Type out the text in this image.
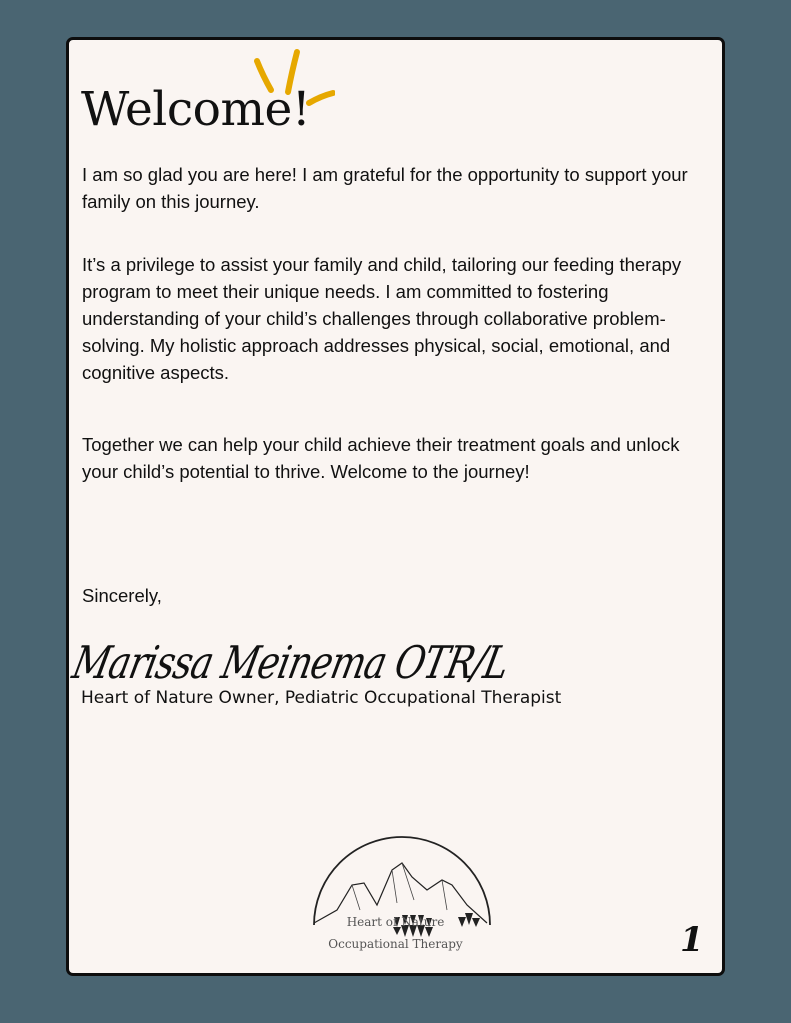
Welcome!

I am so glad you are here! I am grateful for the opportunity to support your family on this journey.

It’s a privilege to assist your family and child, tailoring our feeding therapy program to meet their unique needs. I am committed to fostering understanding of your child’s challenges through collaborative problem-solving. My holistic approach addresses physical, social, emotional, and cognitive aspects.

Together we can help your child achieve their treatment goals and unlock your child’s potential to thrive. Welcome to the journey!

Sincerely,

Marissa Meinema OTR/L
Heart of Nature Owner, Pediatric Occupational Therapist
Heart of Nature
Occupational Therapy	1
